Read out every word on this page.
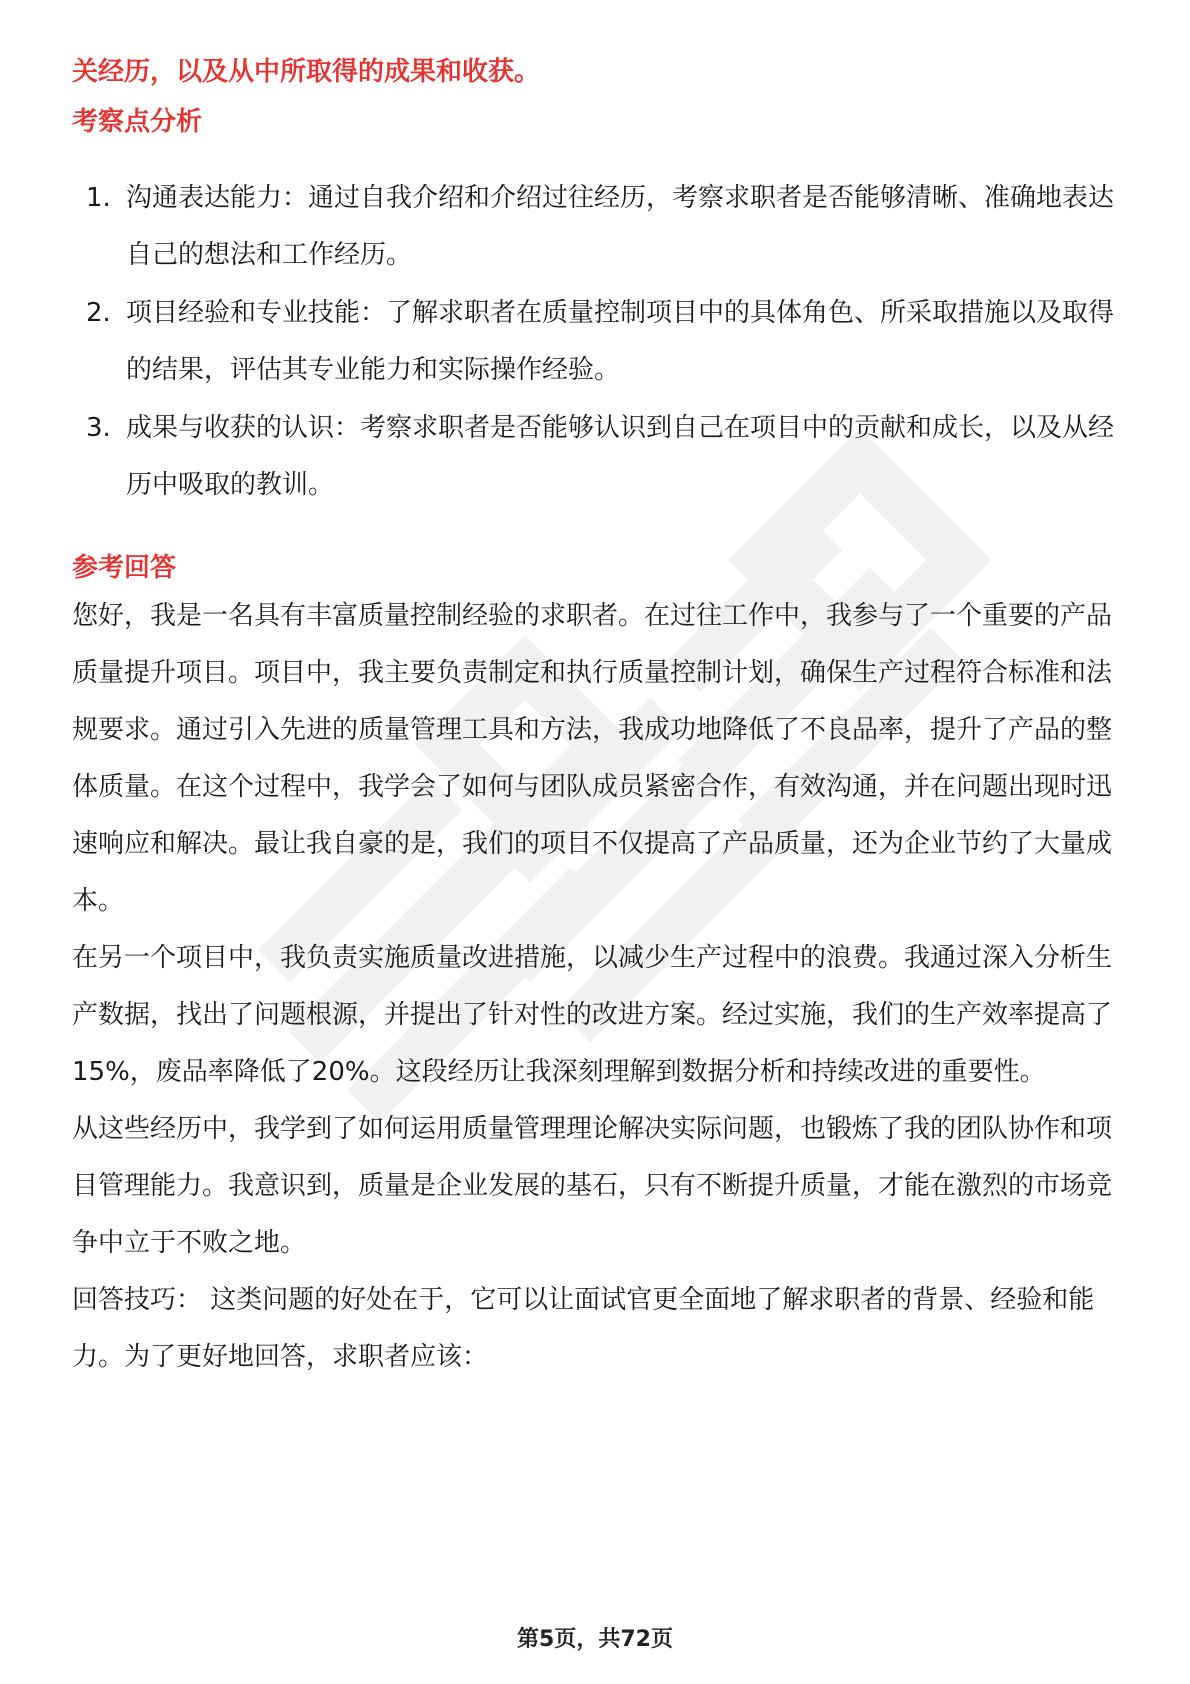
关经历，以及从中所取得的成果和收获。

考察点分析
1. 沟通表达能力：通过自我介绍和介绍过往经历，考察求职者是否能够清晰、准确地表达自己的想法和工作经历。
2. 项目经验和专业技能：了解求职者在质量控制项目中的具体角色、所采取措施以及取得的结果，评估其专业能力和实际操作经验。
3. 成果与收获的认识：考察求职者是否能够认识到自己在项目中的贡献和成长，以及从经历中吸取的教训。
参考回答

您好，我是一名具有丰富质量控制经验的求职者。在过往工作中，我参与了一个重要的产品质量提升项目。项目中，我主要负责制定和执行质量控制计划，确保生产过程符合标准和法规要求。通过引入先进的质量管理工具和方法，我成功地降低了不良品率，提升了产品的整体质量。在这个过程中，我学会了如何与团队成员紧密合作，有效沟通，并在问题出现时迅速响应和解决。最让我自豪的是，我们的项目不仅提高了产品质量，还为企业节约了大量成本。

在另一个项目中，我负责实施质量改进措施，以减少生产过程中的浪费。我通过深入分析生产数据，找出了问题根源，并提出了针对性的改进方案。经过实施，我们的生产效率提高了15%，废品率降低了20%。这段经历让我深刻理解到数据分析和持续改进的重要性。

从这些经历中，我学到了如何运用质量管理理论解决实际问题，也锻炼了我的团队协作和项目管理能力。我意识到，质量是企业发展的基石，只有不断提升质量，才能在激烈的市场竞争中立于不败之地。

回答技巧： 这类问题的好处在于，它可以让面试官更全面地了解求职者的背景、经验和能力。为了更好地回答，求职者应该：

第5页，共72页
